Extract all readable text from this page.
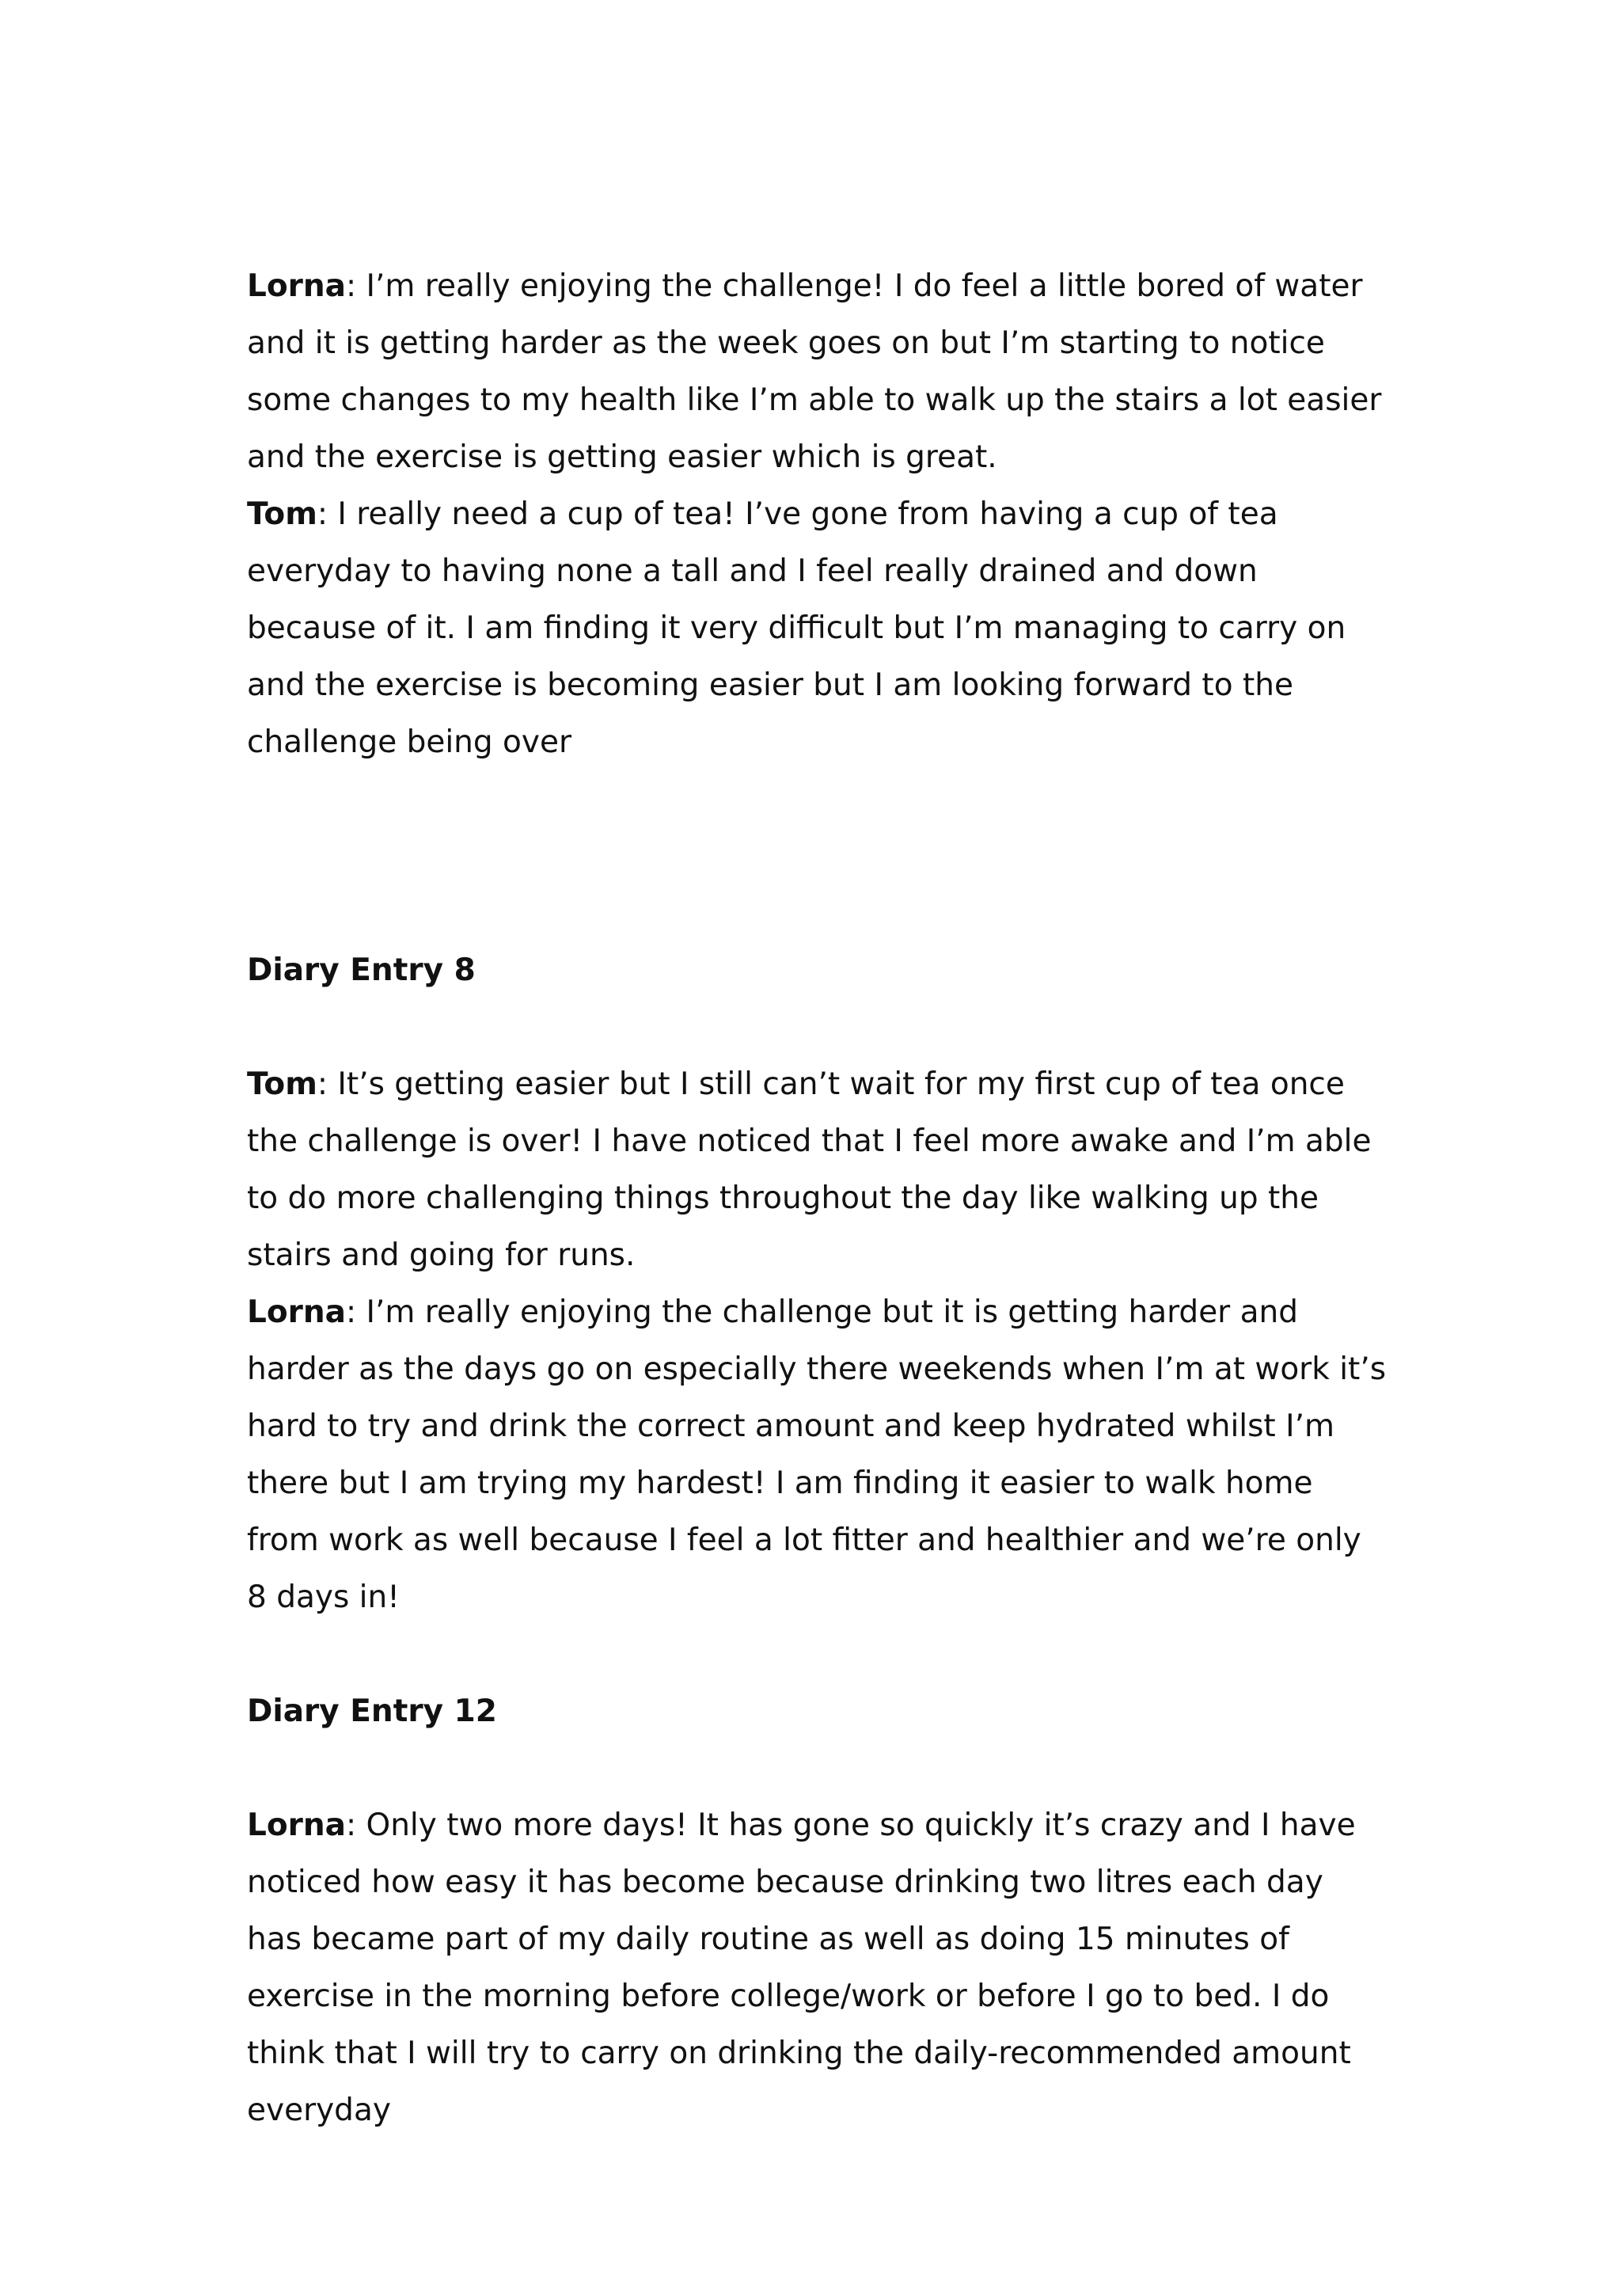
Lorna: I’m really enjoying the challenge! I do feel a little bored of water and it is getting harder as the week goes on but I’m starting to notice some changes to my health like I’m able to walk up the stairs a lot easier and the exercise is getting easier which is great.

Tom: I really need a cup of tea! I’ve gone from having a cup of tea everyday to having none a tall and I feel really drained and down because of it. I am finding it very difficult but I’m managing to carry on and the exercise is becoming easier but I am looking forward to the challenge being over

Diary Entry 8

Tom: It’s getting easier but I still can’t wait for my first cup of tea once the challenge is over! I have noticed that I feel more awake and I’m able to do more challenging things throughout the day like walking up the stairs and going for runs.

Lorna: I’m really enjoying the challenge but it is getting harder and harder as the days go on especially there weekends when I’m at work it’s hard to try and drink the correct amount and keep hydrated whilst I’m there but I am trying my hardest! I am finding it easier to walk home from work as well because I feel a lot fitter and healthier and we’re only 8 days in!

Diary Entry 12

Lorna: Only two more days! It has gone so quickly it’s crazy and I have noticed how easy it has become because drinking two litres each day has became part of my daily routine as well as doing 15 minutes of exercise in the morning before college/work or before I go to bed. I do think that I will try to carry on drinking the daily-recommended amount everyday
